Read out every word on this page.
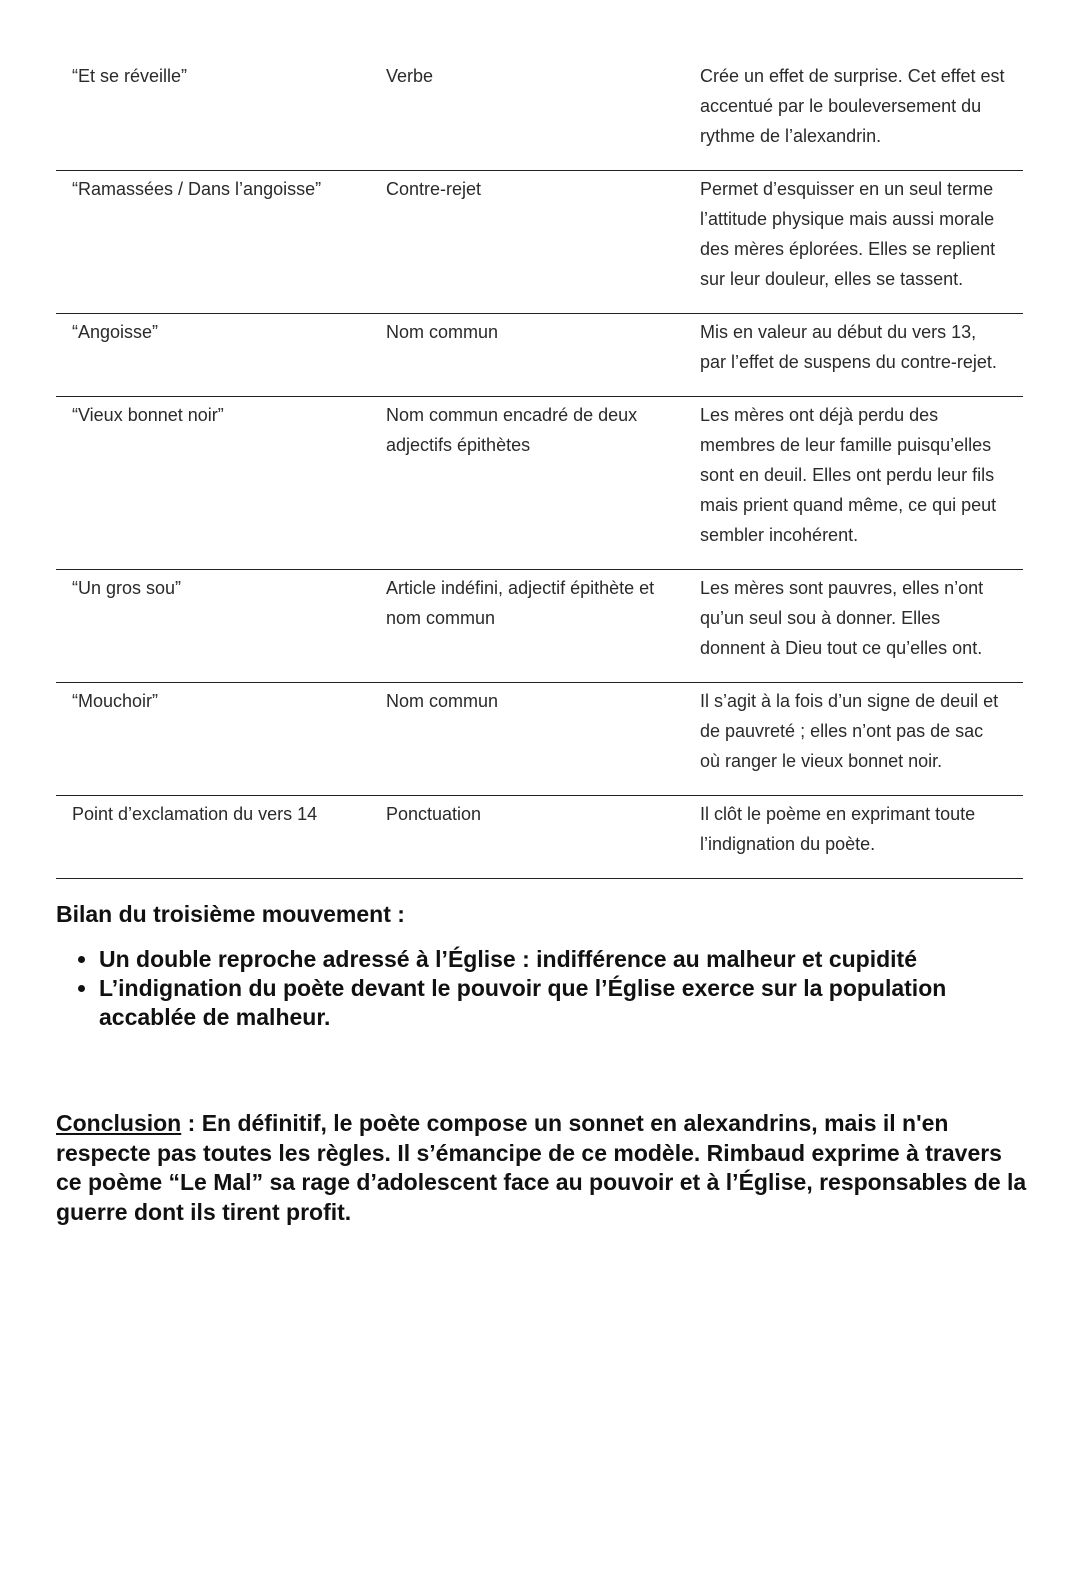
“Et se réveille”	Verbe	Crée un effet de surprise. Cet effet est accentué par le bouleversement du rythme de l’alexandrin.
“Ramassées / Dans l’angoisse”	Contre-rejet	Permet d’esquisser en un seul terme l’attitude physique mais aussi morale des mères éplorées. Elles se replient sur leur douleur, elles se tassent.
“Angoisse”	Nom commun	Mis en valeur au début du vers 13, par l’effet de suspens du contre-rejet.
“Vieux bonnet noir”	Nom commun encadré de deux adjectifs épithètes	Les mères ont déjà perdu des membres de leur famille puisqu’elles sont en deuil. Elles ont perdu leur fils mais prient quand même, ce qui peut sembler incohérent.
“Un gros sou”	Article indéfini, adjectif épithète et nom commun	Les mères sont pauvres, elles n’ont qu’un seul sou à donner. Elles donnent à Dieu tout ce qu’elles ont.
“Mouchoir”	Nom commun	Il s’agit à la fois d’un signe de deuil et de pauvreté ; elles n’ont pas de sac où ranger le vieux bonnet noir.
Point d’exclamation du vers 14	Ponctuation	Il clôt le poème en exprimant toute l’indignation du poète.
Bilan du troisième mouvement :
• Un double reproche adressé à l’Église : indifférence au malheur et cupidité
• L’indignation du poète devant le pouvoir que l’Église exerce sur la population accablée de malheur.
Conclusion : En définitif, le poète compose un sonnet en alexandrins, mais il n'en respecte pas toutes les règles. Il s’émancipe de ce modèle. Rimbaud exprime à travers ce poème “Le Mal” sa rage d’adolescent face au pouvoir et à l’Église, responsables de la guerre dont ils tirent profit.
